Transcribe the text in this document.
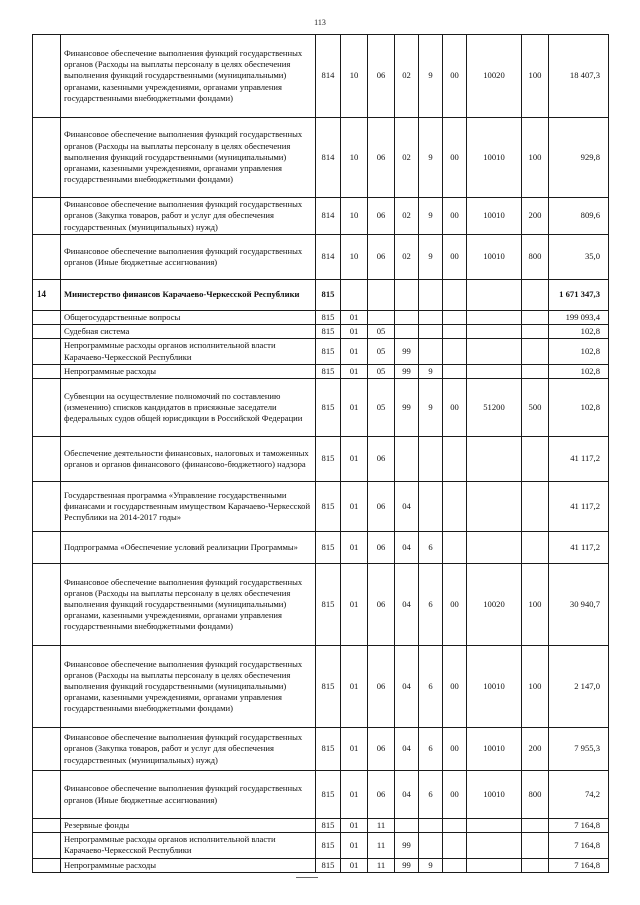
113
	Финансовое обеспечение выполнения функций государственных органов (Расходы на выплаты персоналу в целях обеспечения выполнения функций государственными (муниципальными) органами, казенными учреждениями, органами управления государственными внебюджетными фондами)	814	10	06	02	9	00	10020	100	18 407,3
	Финансовое обеспечение выполнения функций государственных органов (Расходы на выплаты персоналу в целях обеспечения выполнения функций государственными (муниципальными) органами, казенными учреждениями, органами управления государственными внебюджетными фондами)	814	10	06	02	9	00	10010	100	929,8
	Финансовое обеспечение выполнения функций государственных органов (Закупка товаров, работ и услуг для обеспечения государственных (муниципальных) нужд)	814	10	06	02	9	00	10010	200	809,6
	Финансовое обеспечение выполнения функций государственных органов (Иные бюджетные ассигнования)	814	10	06	02	9	00	10010	800	35,0
14	Министерство финансов Карачаево-Черкесской Республики	815								1 671 347,3
	Общегосударственные вопросы	815	01							199 093,4
	Судебная система	815	01	05						102,8
	Непрограммные расходы органов исполнительной власти Карачаево-Черкесской Республики	815	01	05	99					102,8
	Непрограммные расходы	815	01	05	99	9				102,8
	Субвенции на осуществление полномочий по составлению (изменению) списков кандидатов в присяжные заседатели федеральных судов общей юрисдикции в Российской Федерации	815	01	05	99	9	00	51200	500	102,8
	Обеспечение деятельности финансовых, налоговых и таможенных органов и органов финансового (финансово-бюджетного) надзора	815	01	06						41 117,2
	Государственная программа «Управление государственными финансами и государственным имуществом Карачаево-Черкесской Республики на 2014-2017 годы»	815	01	06	04					41 117,2
	Подпрограмма «Обеспечение условий реализации Программы»	815	01	06	04	6				41 117,2
	Финансовое обеспечение выполнения функций государственных органов (Расходы на выплаты персоналу в целях обеспечения выполнения функций государственными (муниципальными) органами, казенными учреждениями, органами управления государственными внебюджетными фондами)	815	01	06	04	6	00	10020	100	30 940,7
	Финансовое обеспечение выполнения функций государственных органов (Расходы на выплаты персоналу в целях обеспечения выполнения функций государственными (муниципальными) органами, казенными учреждениями, органами управления государственными внебюджетными фондами)	815	01	06	04	6	00	10010	100	2 147,0
	Финансовое обеспечение выполнения функций государственных органов (Закупка товаров, работ и услуг для обеспечения государственных (муниципальных) нужд)	815	01	06	04	6	00	10010	200	7 955,3
	Финансовое обеспечение выполнения функций государственных органов (Иные бюджетные ассигнования)	815	01	06	04	6	00	10010	800	74,2
	Резервные фонды	815	01	11						7 164,8
	Непрограммные расходы органов исполнительной власти Карачаево-Черкесской Республики	815	01	11	99					7 164,8
	Непрограммные расходы	815	01	11	99	9				7 164,8
